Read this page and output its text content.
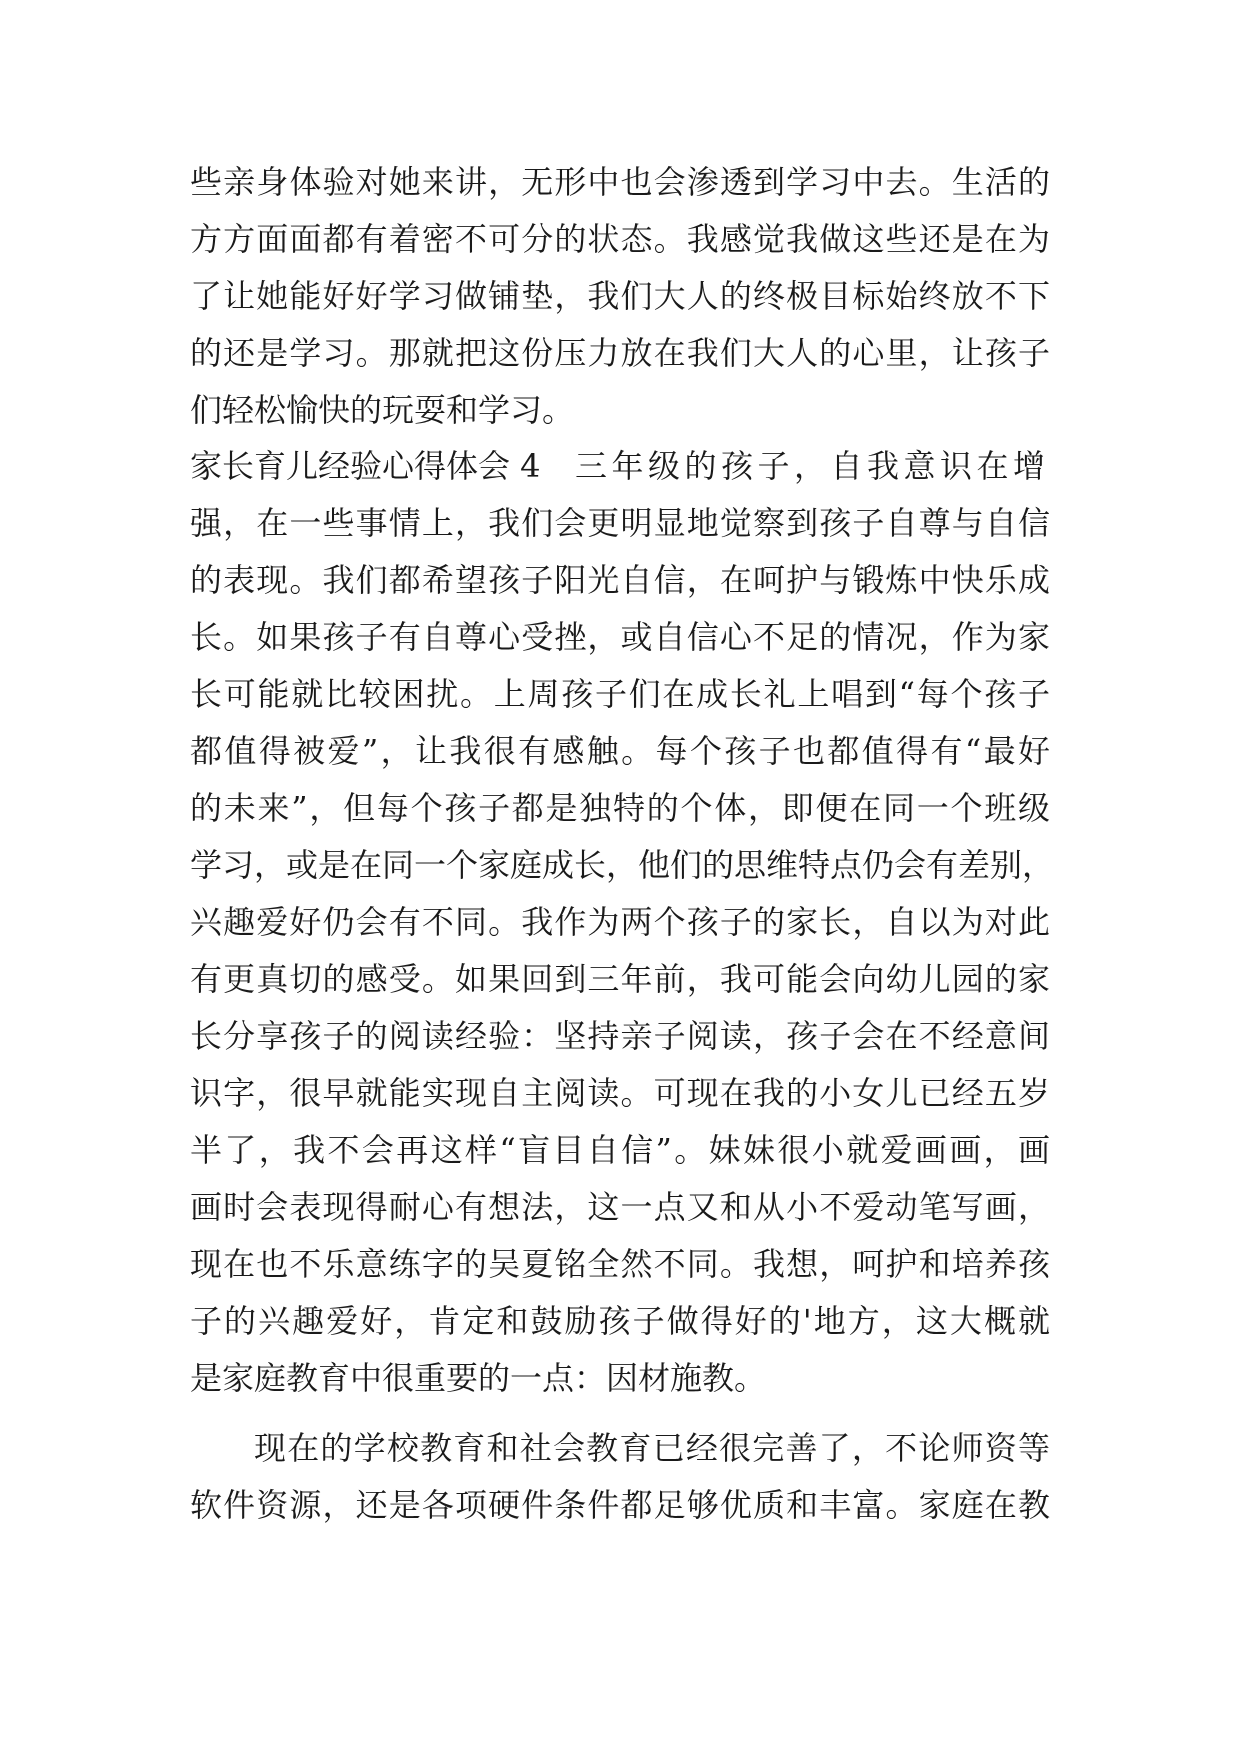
些亲身体验对她来讲，无形中也会渗透到学习中去。生活的
方方面面都有着密不可分的状态。我感觉我做这些还是在为
了让她能好好学习做铺垫，我们大人的终极目标始终放不下
的还是学习。那就把这份压力放在我们大人的心里，让孩子
们轻松愉快的玩耍和学习。
家长育儿经验心得体会 4 三年级的孩子，自我意识在增
强，在一些事情上，我们会更明显地觉察到孩子自尊与自信
的表现。我们都希望孩子阳光自信，在呵护与锻炼中快乐成
长。如果孩子有自尊心受挫，或自信心不足的情况，作为家
长可能就比较困扰。上周孩子们在成长礼上唱到“每个孩子
都值得被爱”，让我很有感触。每个孩子也都值得有“最好
的未来”，但每个孩子都是独特的个体，即便在同一个班级
学习，或是在同一个家庭成长，他们的思维特点仍会有差别，
兴趣爱好仍会有不同。我作为两个孩子的家长，自以为对此
有更真切的感受。如果回到三年前，我可能会向幼儿园的家
长分享孩子的阅读经验：坚持亲子阅读，孩子会在不经意间
识字，很早就能实现自主阅读。可现在我的小女儿已经五岁
半了，我不会再这样“盲目自信”。妹妹很小就爱画画，画
画时会表现得耐心有想法，这一点又和从小不爱动笔写画，
现在也不乐意练字的吴夏铭全然不同。我想，呵护和培养孩
子的兴趣爱好，肯定和鼓励孩子做得好的'地方，这大概就
是家庭教育中很重要的一点：因材施教。
现在的学校教育和社会教育已经很完善了，不论师资等
软件资源，还是各项硬件条件都足够优质和丰富。家庭在教
